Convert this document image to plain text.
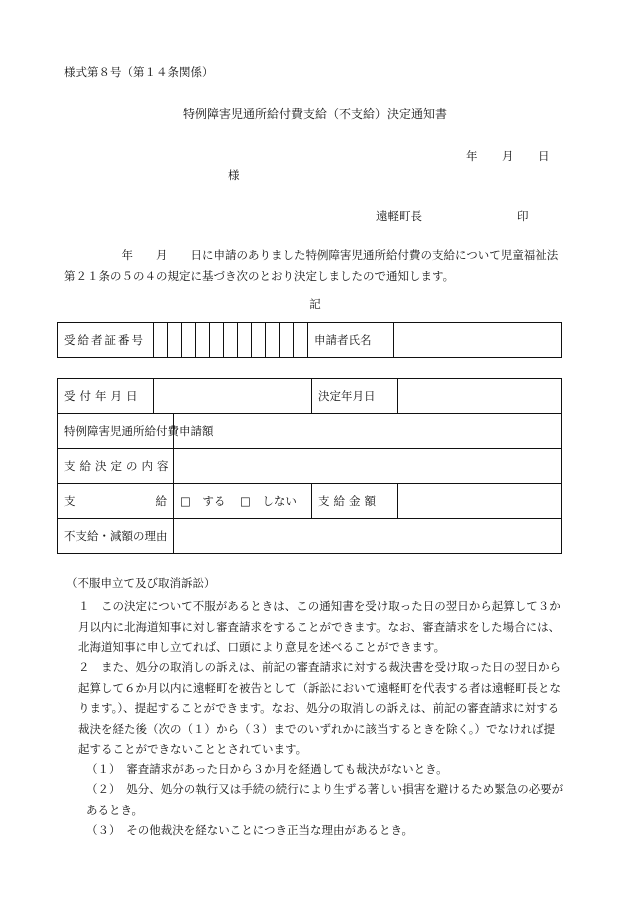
様式第８号（第１４条関係）
特例障害児通所給付費支給（不支給）決定通知書
年 月 日
様
遠軽町長	印
　　　　　年　　月　　日に申請のありました特例障害児通所給付費の支給について児童福祉法第２１条の５の４の規定に基づき次のとおり決定しましたので通知します。
記
受給者証番号												申請者氏名	
受付年月日			決定年月日	
特例障害児通所給付費申請額				
支給決定の内容				
支 給		□　する □　しない	支給金額	
不支給・減額の理由				
（不服申立て及び取消訴訟）
１　この決定について不服があるときは、この通知書を受け取った日の翌日から起算して３か月以内に北海道知事に対し審査請求をすることができます。なお、審査請求をした場合には、北海道知事に申し立てれば、口頭により意見を述べることができます。
２　また、処分の取消しの訴えは、前記の審査請求に対する裁決書を受け取った日の翌日から起算して６か月以内に遠軽町を被告として（訴訟において遠軽町を代表する者は遠軽町長となります。）、提起することができます。なお、処分の取消しの訴えは、前記の審査請求に対する裁決を経た後（次の（１）から（３）までのいずれかに該当するときを除く。）でなければ提起することができないこととされています。
（１）　審査請求があった日から３か月を経過しても裁決がないとき。
（２）　処分、処分の執行又は手続の続行により生ずる著しい損害を避けるため緊急の必要があるとき。
（３）　その他裁決を経ないことにつき正当な理由があるとき。
